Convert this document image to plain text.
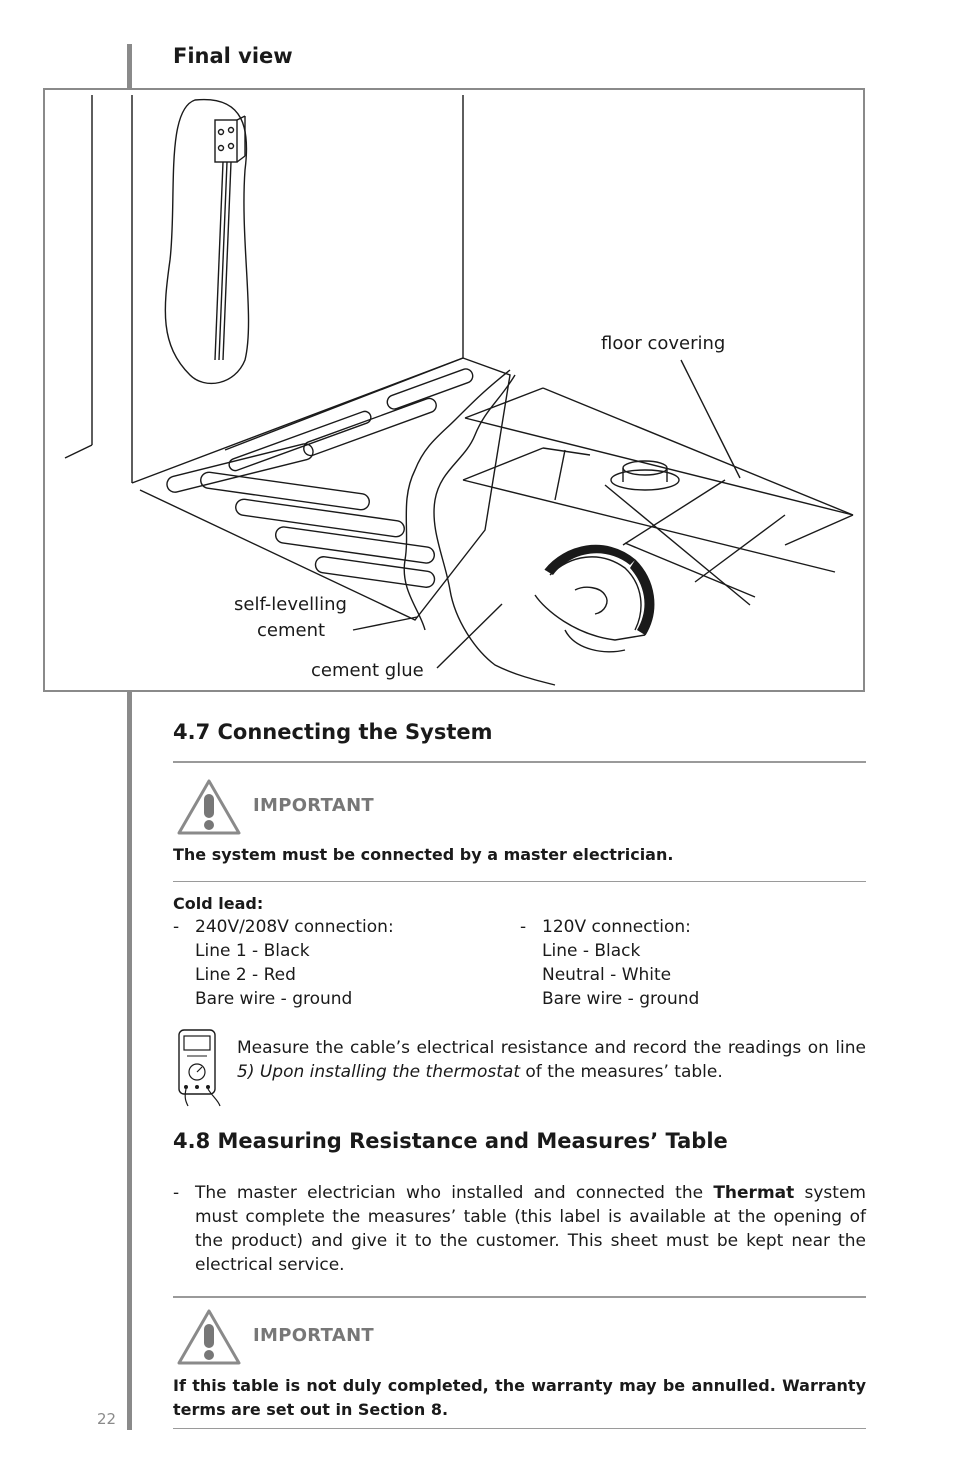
Final view
floor covering
self-levelling
cement
cement glue
4.7 Connecting the System
IMPORTANT
The system must be connected by a master electrician.
Cold lead:
- 240V/208V connection:
Line 1 - Black
Line 2 - Red
Bare wire - ground
- 120V connection:
Line - Black
Neutral - White
Bare wire - ground
Measure the cable’s electrical resistance and record the readings on line 5) Upon installing the thermostat of the measures’ table.
4.8 Measuring Resistance and Measures’ Table
- The master electrician who installed and connected the Thermat system must complete the measures’ table (this label is available at the opening of the product) and give it to the customer. This sheet must be kept near the electrical service.
IMPORTANT
If this table is not duly completed, the warranty may be annulled. Warranty terms are set out in Section 8.
22
